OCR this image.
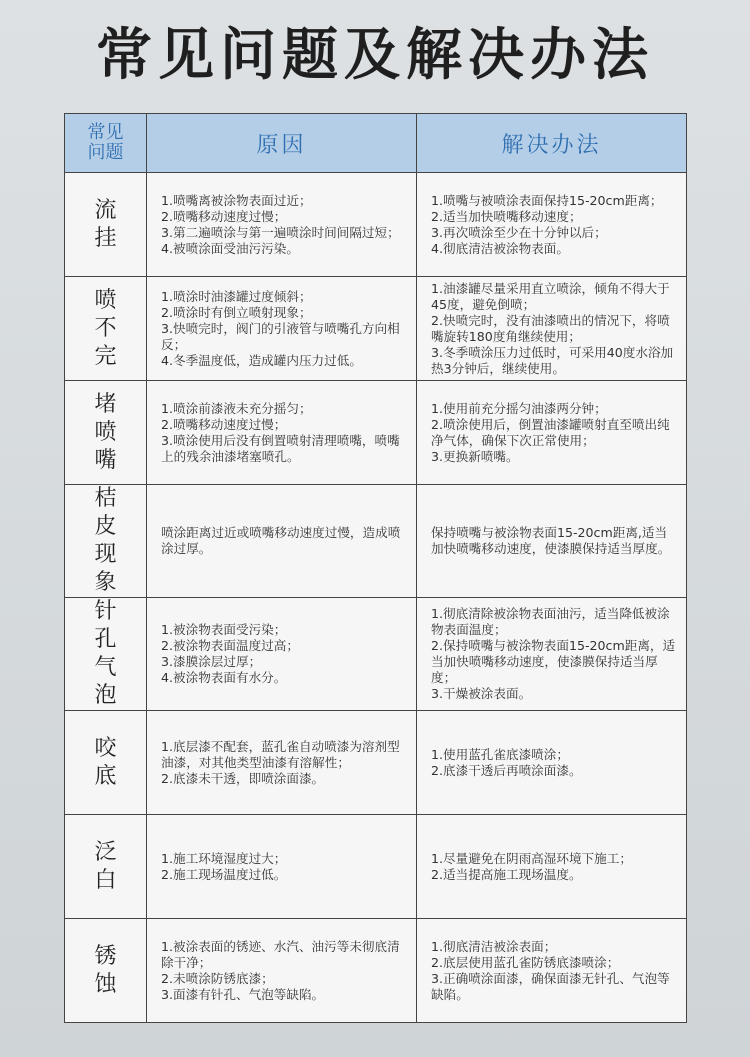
常见问题及解决办法
常见问题	原因	解决办法
流挂	1.喷嘴离被涂物表面过近；
2.喷嘴移动速度过慢；
3.第二遍喷涂与第一遍喷涂时间间隔过短；
4.被喷涂面受油污污染。	1.喷嘴与被喷涂表面保持15-20cm距离；
2.适当加快喷嘴移动速度；
3.再次喷涂至少在十分钟以后；
4.彻底清洁被涂物表面。

喷不完	1.喷涂时油漆罐过度倾斜；
2.喷涂时有倒立喷射现象；
3.快喷完时，阀门的引液管与喷嘴孔方向相反；
4.冬季温度低，造成罐内压力过低。	1.油漆罐尽量采用直立喷涂，倾角不得大于45度，避免倒喷；
2.快喷完时，没有油漆喷出的情况下，将喷嘴旋转180度角继续使用；
3.冬季喷涂压力过低时，可采用40度水浴加热3分钟后，继续使用。

堵喷嘴	1.喷涂前漆液未充分摇匀；
2.喷嘴移动速度过慢；
3.喷涂使用后没有倒置喷射清理喷嘴，喷嘴上的残余油漆堵塞喷孔。	1.使用前充分摇匀油漆两分钟；
2.喷涂使用后，倒置油漆罐喷射直至喷出纯净气体，确保下次正常使用；
3.更换新喷嘴。

桔皮现象	喷涂距离过近或喷嘴移动速度过慢，造成喷涂过厚。	保持喷嘴与被涂物表面15-20cm距离,适当加快喷嘴移动速度，使漆膜保持适当厚度。

针孔气泡	1.被涂物表面受污染；
2.被涂物表面温度过高；
3.漆膜涂层过厚；
4.被涂物表面有水分。	1.彻底清除被涂物表面油污，适当降低被涂物表面温度；
2.保持喷嘴与被涂物表面15-20cm距离，适当加快喷嘴移动速度，使漆膜保持适当厚度；
3.干燥被涂表面。

咬底	1.底层漆不配套，蓝孔雀自动喷漆为溶剂型油漆，对其他类型油漆有溶解性；
2.底漆未干透，即喷涂面漆。	1.使用蓝孔雀底漆喷涂；
2.底漆干透后再喷涂面漆。

泛白	1.施工环境湿度过大；
2.施工现场温度过低。	1.尽量避免在阴雨高湿环境下施工；
2.适当提高施工现场温度。

锈蚀	1.被涂表面的锈迹、水汽、油污等未彻底清除干净；
2.未喷涂防锈底漆；
3.面漆有针孔、气泡等缺陷。	1.彻底清洁被涂表面；
2.底层使用蓝孔雀防锈底漆喷涂；
3.正确喷涂面漆，确保面漆无针孔、气泡等缺陷。
